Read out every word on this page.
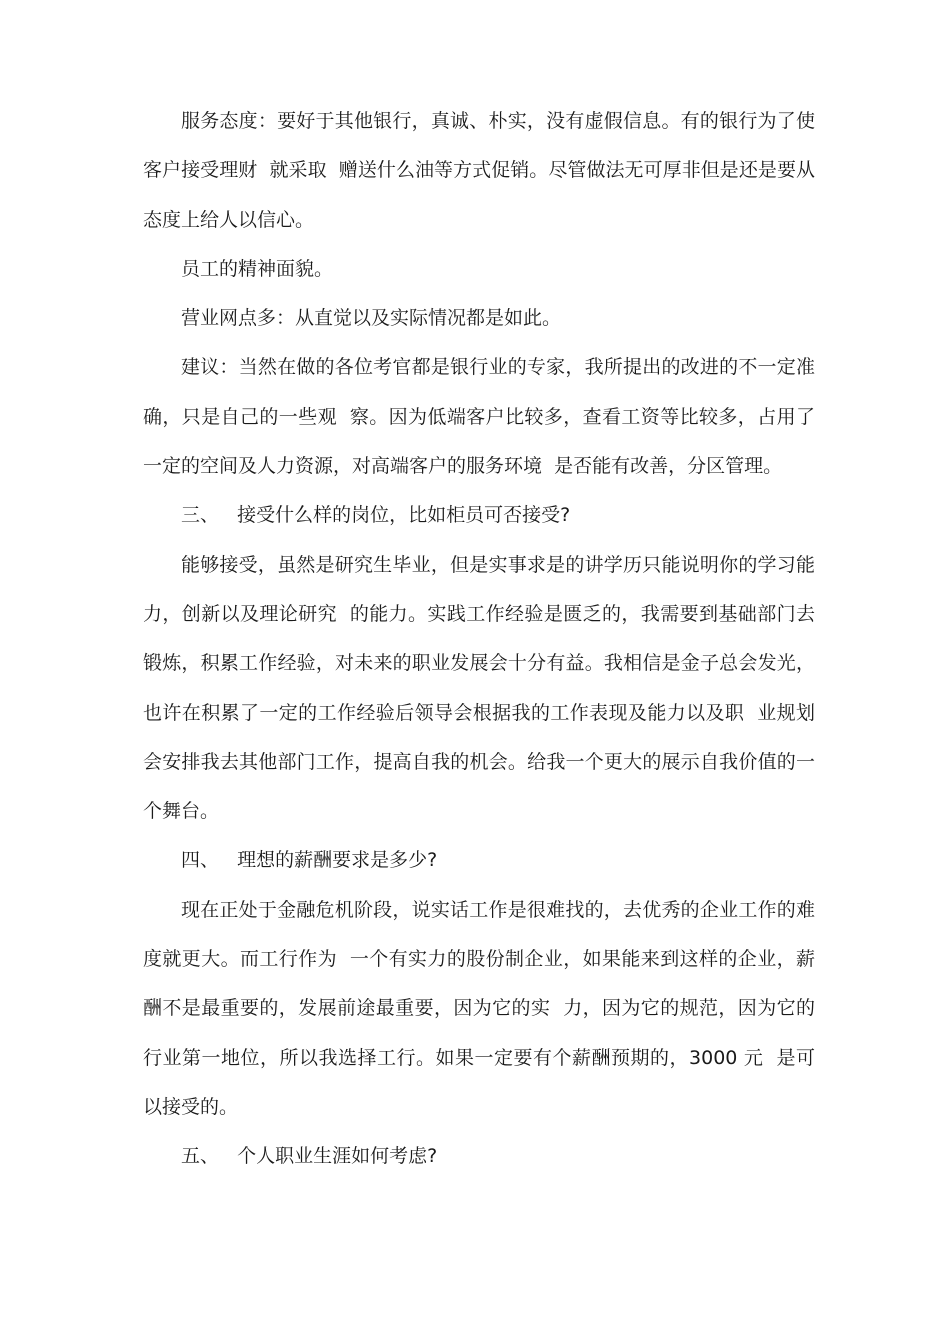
服务态度：要好于其他银行，真诚、朴实，没有虚假信息。有的银行为了使客户接受理财  就采取  赠送什么油等方式促销。尽管做法无可厚非但是还是要从态度上给人以信心。

员工的精神面貌。

营业网点多：从直觉以及实际情况都是如此。

建议：当然在做的各位考官都是银行业的专家，我所提出的改进的不一定准确，只是自己的一些观  察。因为低端客户比较多，查看工资等比较多，占用了一定的空间及人力资源，对高端客户的服务环境  是否能有改善，分区管理。

三、   接受什么样的岗位，比如柜员可否接受?

能够接受，虽然是研究生毕业，但是实事求是的讲学历只能说明你的学习能力，创新以及理论研究  的能力。实践工作经验是匮乏的，我需要到基础部门去锻炼，积累工作经验，对未来的职业发展会十分有益。我相信是金子总会发光，也许在积累了一定的工作经验后领导会根据我的工作表现及能力以及职  业规划会安排我去其他部门工作，提高自我的机会。给我一个更大的展示自我价值的一个舞台。

四、   理想的薪酬要求是多少?

现在正处于金融危机阶段，说实话工作是很难找的，去优秀的企业工作的难度就更大。而工行作为  一个有实力的股份制企业，如果能来到这样的企业，薪酬不是最重要的，发展前途最重要，因为它的实  力，因为它的规范，因为它的行业第一地位，所以我选择工行。如果一定要有个薪酬预期的，3000 元  是可以接受的。

五、   个人职业生涯如何考虑?
